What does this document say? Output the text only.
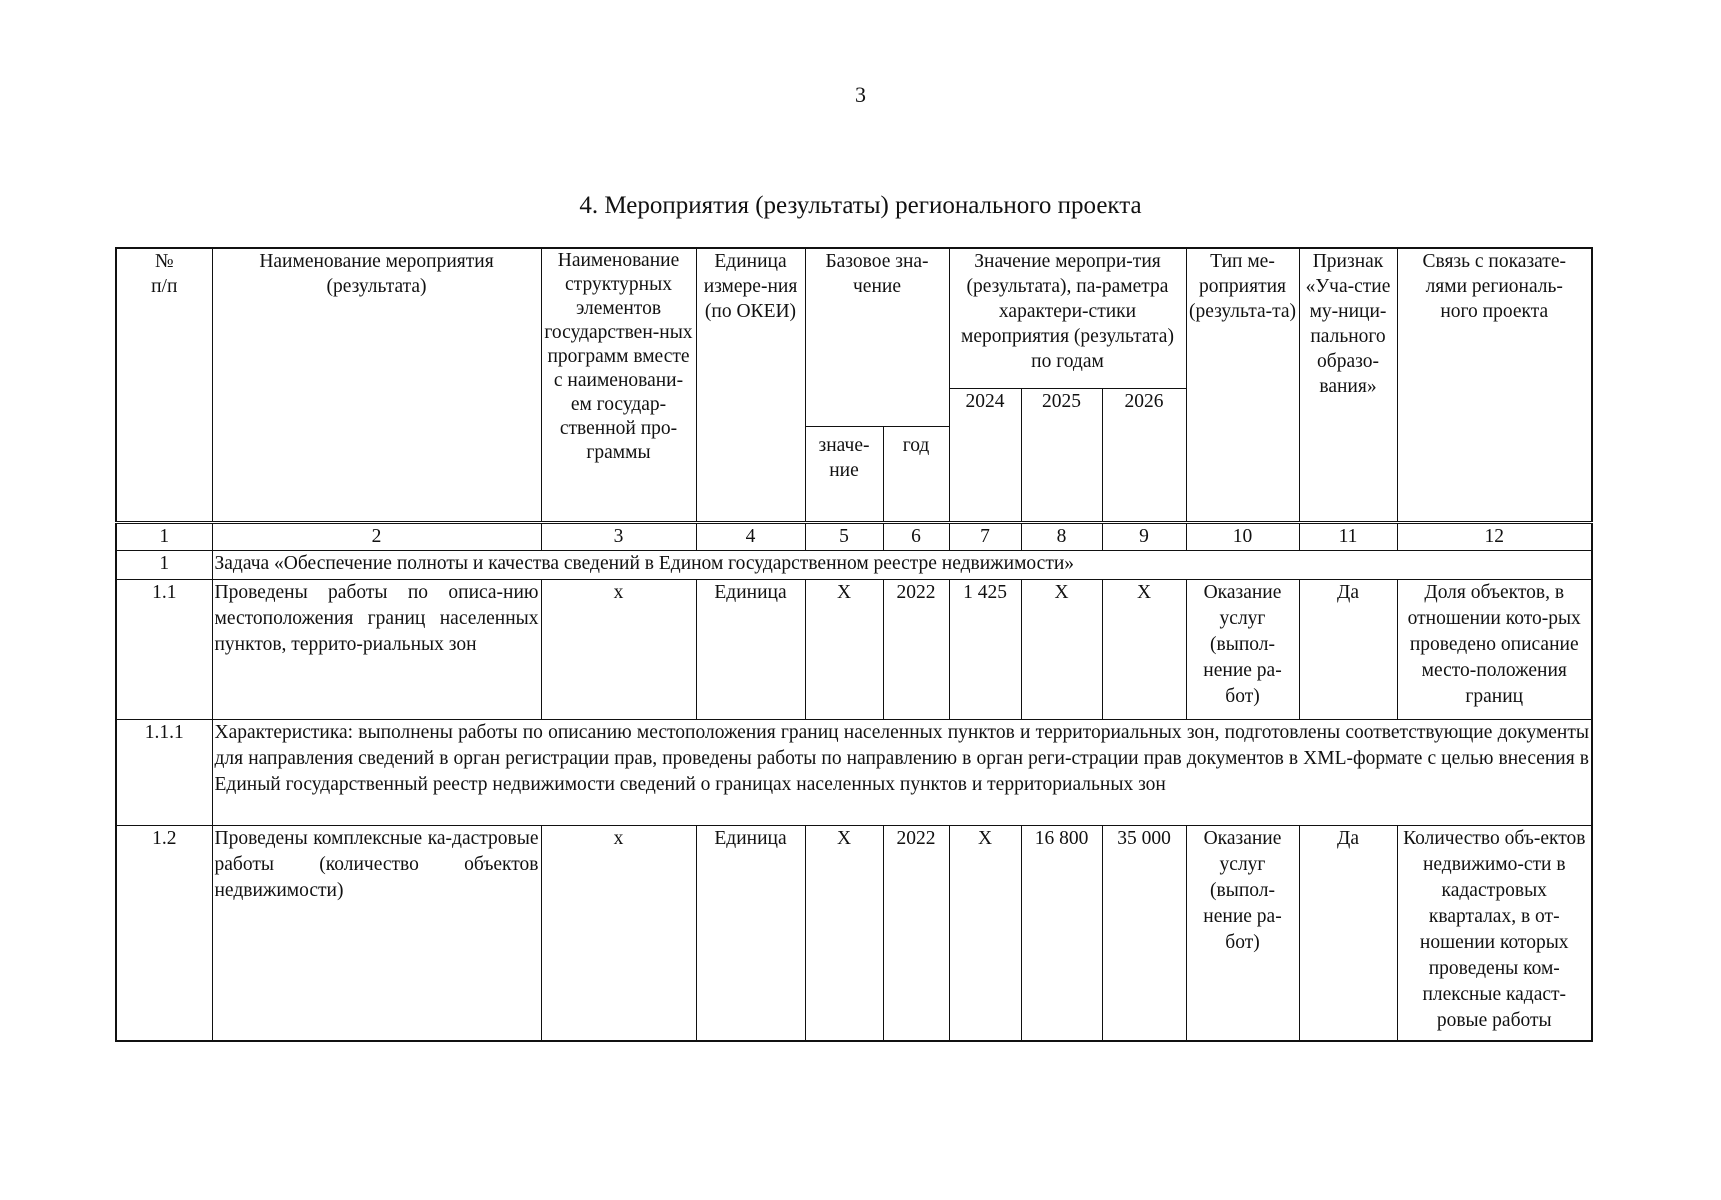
3
4. Мероприятия (результаты) регионального проекта
№
п/п	Наименование мероприятия (результата)	Наименование структурных элементов государствен-ных программ вместе с наименовани-ем государ-ственной про-граммы	Единица измере-ния (по ОКЕИ)	Базовое зна-чение		Значение меропри-тия (результата), па-раметра характери-стики мероприятия (результата) по годам			Тип ме-роприятия (результа-та)	Признак «Уча-стие му-ници-пального образо-вания»	Связь с показате-лями региональ-ного проекта
						2024	2025	2026			
				значе-ние	год						
1	2	3	4	5	6	7	8	9	10	11	12
1	Задача «Обеспечение полноты и качества сведений в Едином государственном реестре недвижимости»										
1.1	Проведены работы по описа-нию местоположения границ населенных пунктов, террито-риальных зон	x	Единица	X	2022	1 425	X	X	Оказание услуг (выпол-нение ра-бот)	Да	Доля объектов, в отношении кото-рых проведено описание место-положения границ
1.1.1	Характеристика: выполнены работы по описанию местоположения границ населенных пунктов и территориальных зон, подготовлены соответствующие документы для направления сведений в орган регистрации прав, проведены работы по направлению в орган реги-страции прав документов в XML-формате с целью внесения в Единый государственный реестр недвижимости сведений о границах населенных пунктов и территориальных зон										
1.2	Проведены комплексные ка-дастровые работы (количество объектов недвижимости)	x	Единица	X	2022	X	16 800	35 000	Оказание услуг (выпол-нение ра-бот)	Да	Количество объ-ектов недвижимо-сти в кадастровых кварталах, в от-ношении которых проведены ком-плексные кадаст-ровые работы
